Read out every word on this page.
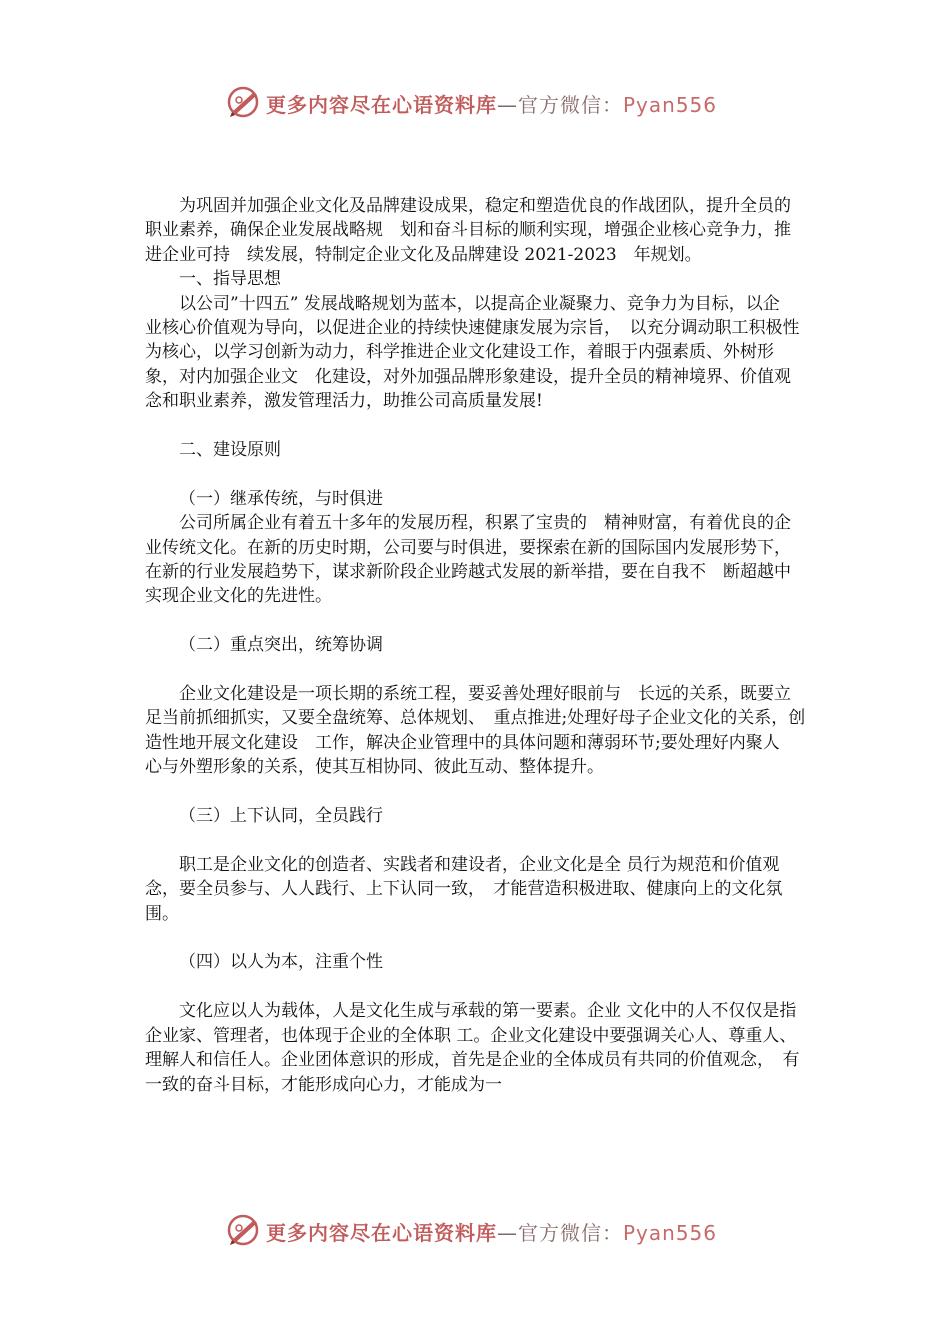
更多内容尽在心语资料库—官方微信：Pyan556

为巩固并加强企业文化及品牌建设成果，稳定和塑造优良的作战团队，提升全员的职业素养，确保企业发展战略规　划和奋斗目标的顺利实现，增强企业核心竞争力，推进企业可持　续发展，特制定企业文化及品牌建设 2021-2023　年规划。

一、指导思想

以公司”十四五” 发展战略规划为蓝本，以提高企业凝聚力、竞争力为目标，以企　业核心价值观为导向，以促进企业的持续快速健康发展为宗旨，　以充分调动职工积极性为核心，以学习创新为动力，科学推进企业文化建设工作，着眼于内强素质、外树形象，对内加强企业文　化建设，对外加强品牌形象建设，提升全员的精神境界、价值观　念和职业素养，激发管理活力，助推公司高质量发展!

二、建设原则

（一）继承传统，与时俱进

公司所属企业有着五十多年的发展历程，积累了宝贵的　精神财富，有着优良的企业传统文化。在新的历史时期，公司要与时俱进，要探索在新的国际国内发展形势下，在新的行业发展趋势下，谋求新阶段企业跨越式发展的新举措，要在自我不　断超越中实现企业文化的先进性。

（二）重点突出，统筹协调

企业文化建设是一项长期的系统工程，要妥善处理好眼前与　长远的关系，既要立足当前抓细抓实，又要全盘统筹、总体规划、　重点推进;处理好母子企业文化的关系，创造性地开展文化建设　工作，解决企业管理中的具体问题和薄弱环节;要处理好内聚人　心与外塑形象的关系，使其互相协同、彼此互动、整体提升。

（三）上下认同，全员践行

职工是企业文化的创造者、实践者和建设者，企业文化是全 员行为规范和价值观念，要全员参与、人人践行、上下认同一致，　才能营造积极进取、健康向上的文化氛围。

（四）以人为本，注重个性

文化应以人为载体，人是文化生成与承载的第一要素。企业 文化中的人不仅仅是指企业家、管理者，也体现于企业的全体职 工。企业文化建设中要强调关心人、尊重人、理解人和信任人。企业团体意识的形成，首先是企业的全体成员有共同的价值观念，　有一致的奋斗目标，才能形成向心力，才能成为一

更多内容尽在心语资料库—官方微信：Pyan556
